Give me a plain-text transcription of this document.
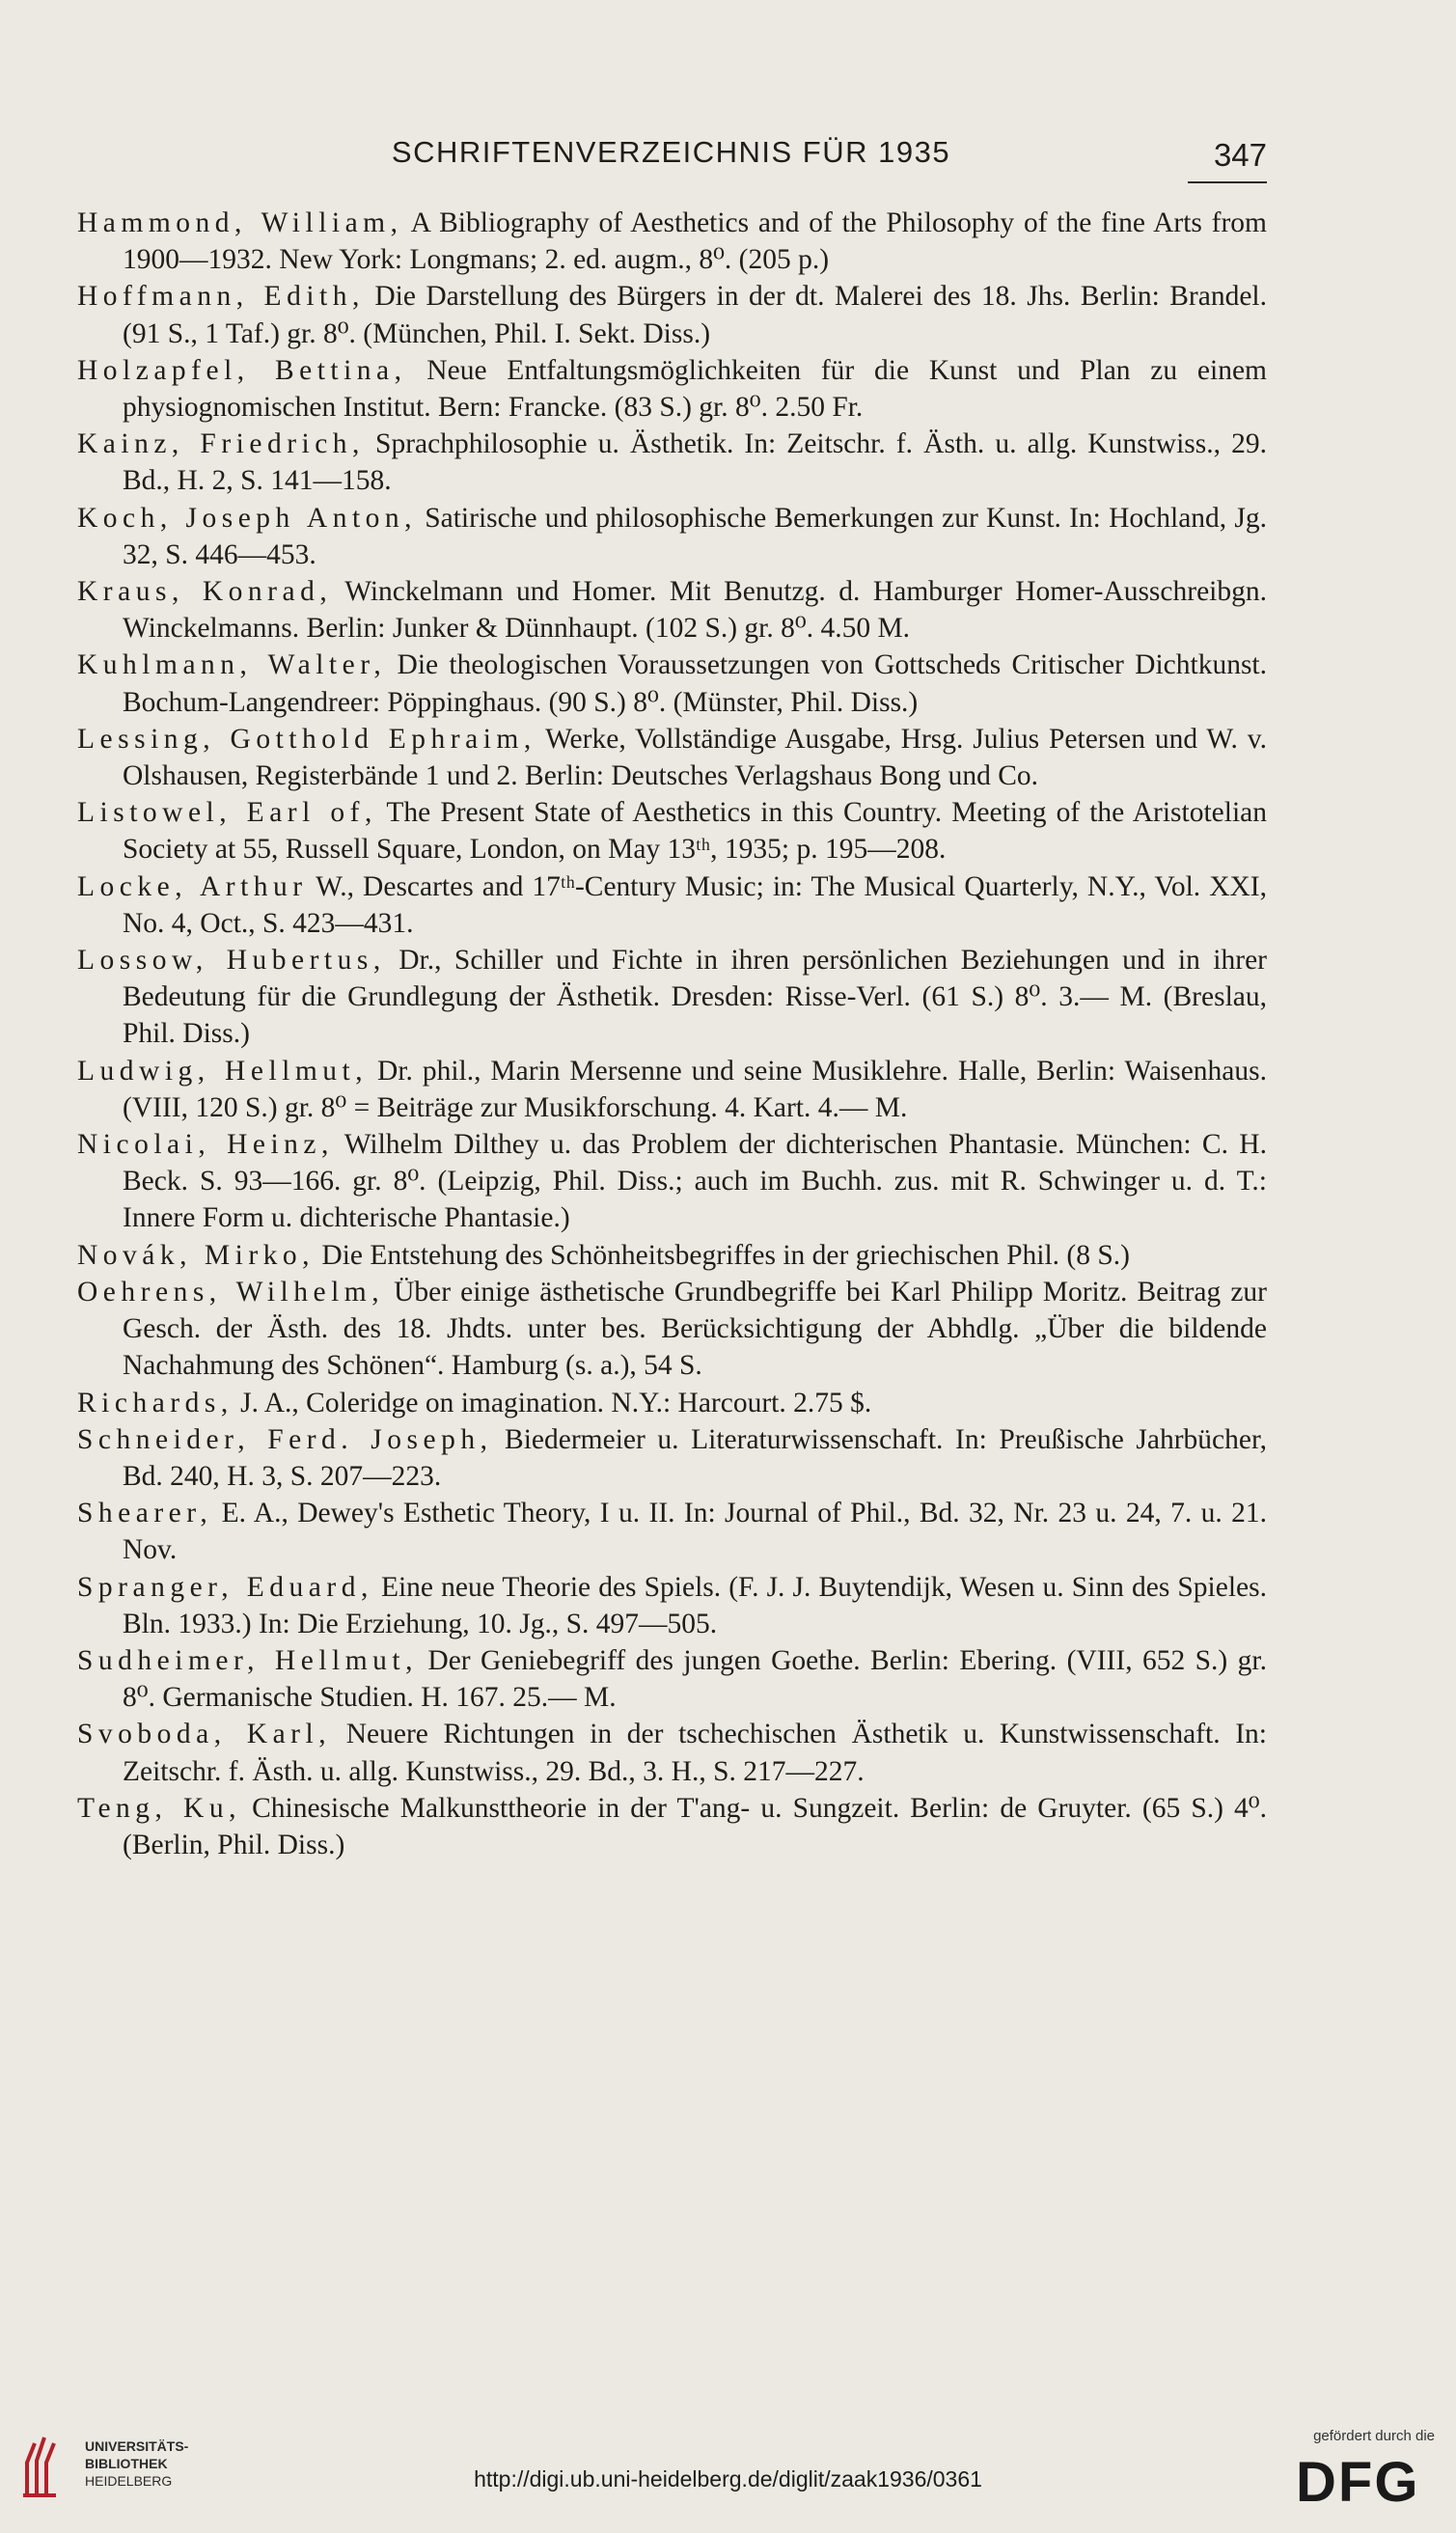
SCHRIFTENVERZEICHNIS FÜR 1935	347
Hammond, William, A Bibliography of Aesthetics and of the Philosophy of the fine Arts from 1900—1932. New York: Longmans; 2. ed. augm., 8⁰. (205 p.)
Hoffmann, Edith, Die Darstellung des Bürgers in der dt. Malerei des 18. Jhs. Berlin: Brandel. (91 S., 1 Taf.) gr. 8⁰. (München, Phil. I. Sekt. Diss.)
Holzapfel, Bettina, Neue Entfaltungsmöglichkeiten für die Kunst und Plan zu einem physiognomischen Institut. Bern: Francke. (83 S.) gr. 8⁰. 2.50 Fr.
Kainz, Friedrich, Sprachphilosophie u. Ästhetik. In: Zeitschr. f. Ästh. u. allg. Kunstwiss., 29. Bd., H. 2, S. 141—158.
Koch, Joseph Anton, Satirische und philosophische Bemerkungen zur Kunst. In: Hochland, Jg. 32, S. 446—453.
Kraus, Konrad, Winckelmann und Homer. Mit Benutzg. d. Hamburger Homer-Ausschreibgn. Winckelmanns. Berlin: Junker & Dünnhaupt. (102 S.) gr. 8⁰. 4.50 M.
Kuhlmann, Walter, Die theologischen Voraussetzungen von Gottscheds Critischer Dichtkunst. Bochum-Langendreer: Pöppinghaus. (90 S.) 8⁰. (Münster, Phil. Diss.)
Lessing, Gotthold Ephraim, Werke, Vollständige Ausgabe, Hrsg. Julius Petersen und W. v. Olshausen, Registerbände 1 und 2. Berlin: Deutsches Verlagshaus Bong und Co.
Listowel, Earl of, The Present State of Aesthetics in this Country. Meeting of the Aristotelian Society at 55, Russell Square, London, on May 13ᵗʰ, 1935; p. 195—208.
Locke, Arthur W., Descartes and 17ᵗʰ-Century Music; in: The Musical Quarterly, N.Y., Vol. XXI, No. 4, Oct., S. 423—431.
Lossow, Hubertus, Dr., Schiller und Fichte in ihren persönlichen Beziehungen und in ihrer Bedeutung für die Grundlegung der Ästhetik. Dresden: Risse-Verl. (61 S.) 8⁰. 3.— M. (Breslau, Phil. Diss.)
Ludwig, Hellmut, Dr. phil., Marin Mersenne und seine Musiklehre. Halle, Berlin: Waisenhaus. (VIII, 120 S.) gr. 8⁰ = Beiträge zur Musikforschung. 4. Kart. 4.— M.
Nicolai, Heinz, Wilhelm Dilthey u. das Problem der dichterischen Phantasie. München: C. H. Beck. S. 93—166. gr. 8⁰. (Leipzig, Phil. Diss.; auch im Buchh. zus. mit R. Schwinger u. d. T.: Innere Form u. dichterische Phantasie.)
Novák, Mirko, Die Entstehung des Schönheitsbegriffes in der griechischen Phil. (8 S.)
Oehrens, Wilhelm, Über einige ästhetische Grundbegriffe bei Karl Philipp Moritz. Beitrag zur Gesch. der Ästh. des 18. Jhdts. unter bes. Berücksichtigung der Abhdlg. „Über die bildende Nachahmung des Schönen“. Hamburg (s. a.), 54 S.
Richards, J. A., Coleridge on imagination. N.Y.: Harcourt. 2.75 $.
Schneider, Ferd. Joseph, Biedermeier u. Literaturwissenschaft. In: Preußische Jahrbücher, Bd. 240, H. 3, S. 207—223.
Shearer, E. A., Dewey's Esthetic Theory, I u. II. In: Journal of Phil., Bd. 32, Nr. 23 u. 24, 7. u. 21. Nov.
Spranger, Eduard, Eine neue Theorie des Spiels. (F. J. J. Buytendijk, Wesen u. Sinn des Spieles. Bln. 1933.) In: Die Erziehung, 10. Jg., S. 497—505.
Sudheimer, Hellmut, Der Geniebegriff des jungen Goethe. Berlin: Ebering. (VIII, 652 S.) gr. 8⁰. Germanische Studien. H. 167. 25.— M.
Svoboda, Karl, Neuere Richtungen in der tschechischen Ästhetik u. Kunstwissenschaft. In: Zeitschr. f. Ästh. u. allg. Kunstwiss., 29. Bd., 3. H., S. 217—227.
Teng, Ku, Chinesische Malkunsttheorie in der T'ang- u. Sungzeit. Berlin: de Gruyter. (65 S.) 4⁰. (Berlin, Phil. Diss.)
UNIVERSITÄTS-
BIBLIOTHEK
HEIDELBERG	http://digi.ub.uni-heidelberg.de/diglit/zaak1936/0361
gefördert durch die
DFG
